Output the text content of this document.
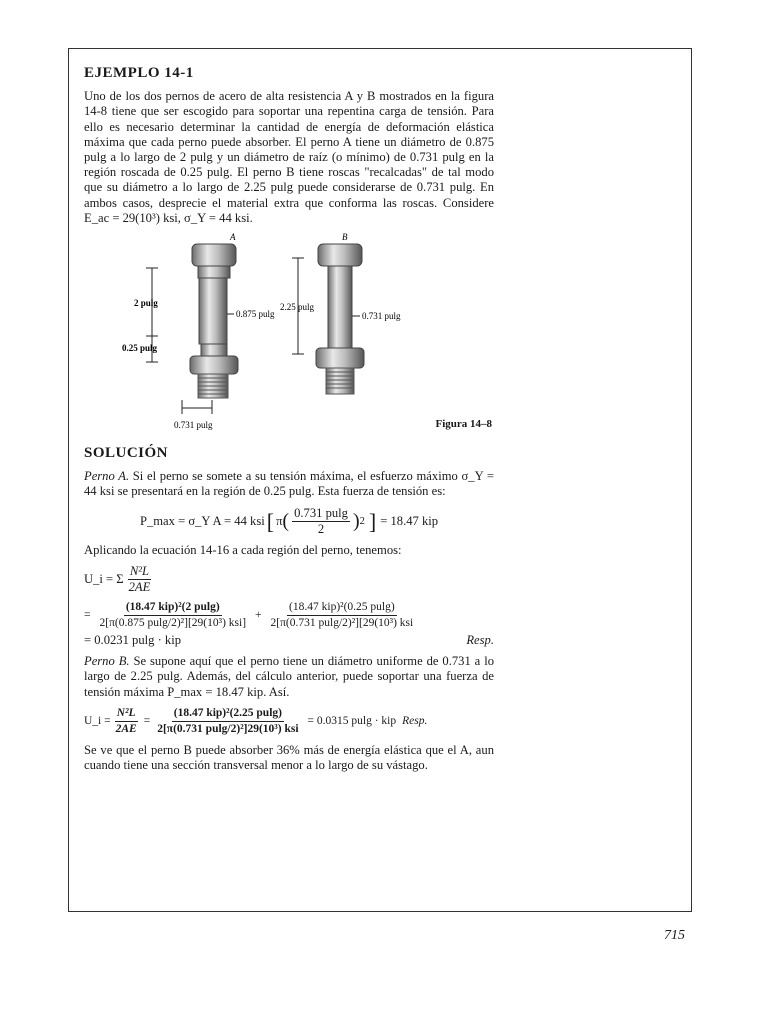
EJEMPLO 14-1

Uno de los dos pernos de acero de alta resistencia A y B mostrados en la figura 14-8 tiene que ser escogido para soportar una repentina carga de tensión. Para ello es necesario determinar la cantidad de energía de deformación elástica máxima que cada perno puede absorber. El perno A tiene un diámetro de 0.875 pulg a lo largo de 2 pulg y un diámetro de raíz (o mínimo) de 0.731 pulg en la región roscada de 0.25 pulg. El perno B tiene roscas "recalcadas" de tal modo que su diámetro a lo largo de 2.25 pulg puede considerarse de 0.731 pulg. En ambos casos, desprecie el material extra que conforma las roscas. Considere E_ac = 29(10³) ksi, σ_Y = 44 ksi.

A
2 pulg
0.25 pulg
0.875 pulg
0.731 pulg
B
2.25 pulg
0.731 pulg
Figura 14–8
SOLUCIÓN

Perno A. Si el perno se somete a su tensión máxima, el esfuerzo máximo σ_Y = 44 ksi se presentará en la región de 0.25 pulg. Esta fuerza de tensión es:

P_max = σ_Y A = 44 ksi [ π ( $\frac{0.731 pulg}{2}$ ) 2 ] = 18.47 kip

Aplicando la ecuación 14-16 a cada región del perno, tenemos:

U_i = Σ $\frac{\text{N²L}}{2AE}$
= $\frac{\text{(18.47 kip)²(2 pulg)}}{\text{2[π(0.875 pulg/2)²][29(10³) ksi]}} + \frac{\text{(18.47 kip)²(0.25 pulg)}}{\text{2[π(0.731 pulg/2)²][29(10³) ksi}}$
= 0.0231 pulg · kip	Resp.

Perno B. Se supone aquí que el perno tiene un diámetro uniforme de 0.731 a lo largo de 2.25 pulg. Además, del cálculo anterior, puede soportar una fuerza de tensión máxima P_max = 18.47 kip. Así.

U_i = $\frac{\text{N²L}}{2AE} = \frac{\text{(18.47 kip)²(2.25 pulg)}}{\text{2[π(0.731 pulg/2)²]29(10³) ksi}} = 0.0315$ pulg · kip Resp.

Se ve que el perno B puede absorber 36% más de energía elástica que el A, aun cuando tiene una sección transversal menor a lo largo de su vástago.

715
